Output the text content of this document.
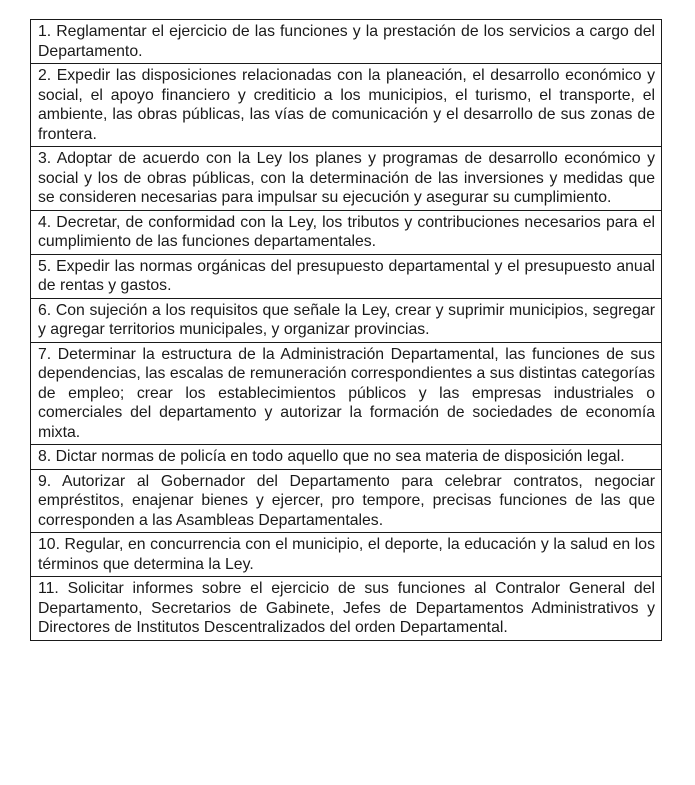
1. Reglamentar el ejercicio de las funciones y la prestación de los servicios a cargo del Departamento.
2. Expedir las disposiciones relacionadas con la planeación, el desarrollo económico y social, el apoyo financiero y crediticio a los municipios, el turismo, el transporte, el ambiente, las obras públicas, las vías de comunicación y el desarrollo de sus zonas de frontera.
3. Adoptar de acuerdo con la Ley los planes y programas de desarrollo económico y social y los de obras públicas, con la determinación de las inversiones y medidas que se consideren necesarias para impulsar su ejecución y asegurar su cumplimiento.
4. Decretar, de conformidad con la Ley, los tributos y contribuciones necesarios para el cumplimiento de las funciones departamentales.
5. Expedir las normas orgánicas del presupuesto departamental y el presupuesto anual de rentas y gastos.
6. Con sujeción a los requisitos que señale la Ley, crear y suprimir municipios, segregar y agregar territorios municipales, y organizar provincias.
7. Determinar la estructura de la Administración Departamental, las funciones de sus dependencias, las escalas de remuneración correspondientes a sus distintas categorías de empleo; crear los establecimientos públicos y las empresas industriales o comerciales del departamento y autorizar la formación de sociedades de economía mixta.
8. Dictar normas de policía en todo aquello que no sea materia de disposición legal.
9. Autorizar al Gobernador del Departamento para celebrar contratos, negociar empréstitos, enajenar bienes y ejercer, pro tempore, precisas funciones de las que corresponden a las Asambleas Departamentales.
10. Regular, en concurrencia con el municipio, el deporte, la educación y la salud en los términos que determina la Ley.
11. Solicitar informes sobre el ejercicio de sus funciones al Contralor General del Departamento, Secretarios de Gabinete, Jefes de Departamentos Administrativos y Directores de Institutos Descentralizados del orden Departamental.
